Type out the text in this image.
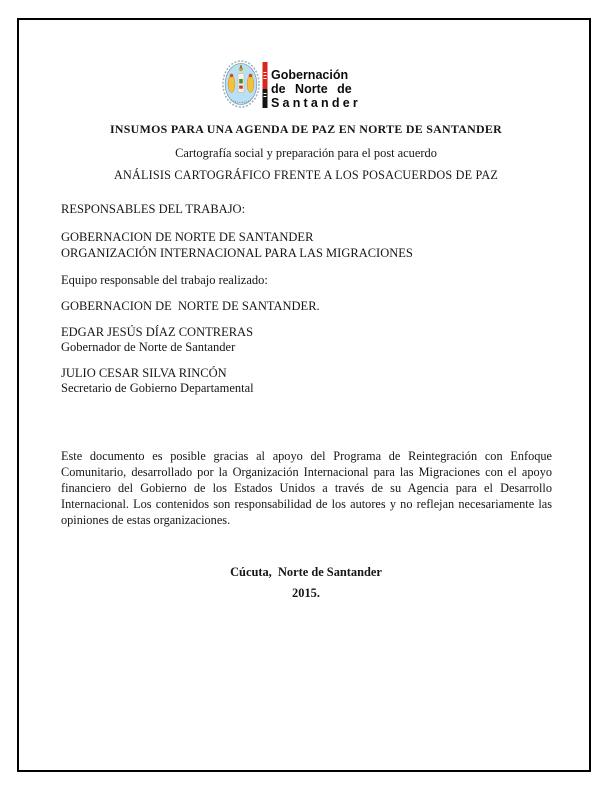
Gobernación
de Norte de
Santander
INSUMOS PARA UNA AGENDA DE PAZ EN NORTE DE SANTANDER
Cartografía social y preparación para el post acuerdo
ANÁLISIS CARTOGRÁFICO FRENTE A LOS POSACUERDOS DE PAZ
RESPONSABLES DEL TRABAJO:
GOBERNACION DE NORTE DE SANTANDER
ORGANIZACIÓN INTERNACIONAL PARA LAS MIGRACIONES
Equipo responsable del trabajo realizado:
GOBERNACION DE  NORTE DE SANTANDER.
EDGAR JESÚS DÍAZ CONTRERAS
Gobernador de Norte de Santander
JULIO CESAR SILVA RINCÓN
Secretario de Gobierno Departamental
Este documento es posible gracias al apoyo del Programa de Reintegración con Enfoque Comunitario, desarrollado por la Organización Internacional para las Migraciones con el apoyo financiero del Gobierno de los Estados Unidos a través de su Agencia para el Desarrollo Internacional. Los contenidos son responsabilidad de los autores y no reflejan necesariamente las opiniones de estas organizaciones.
Cúcuta,  Norte de Santander
2015.
